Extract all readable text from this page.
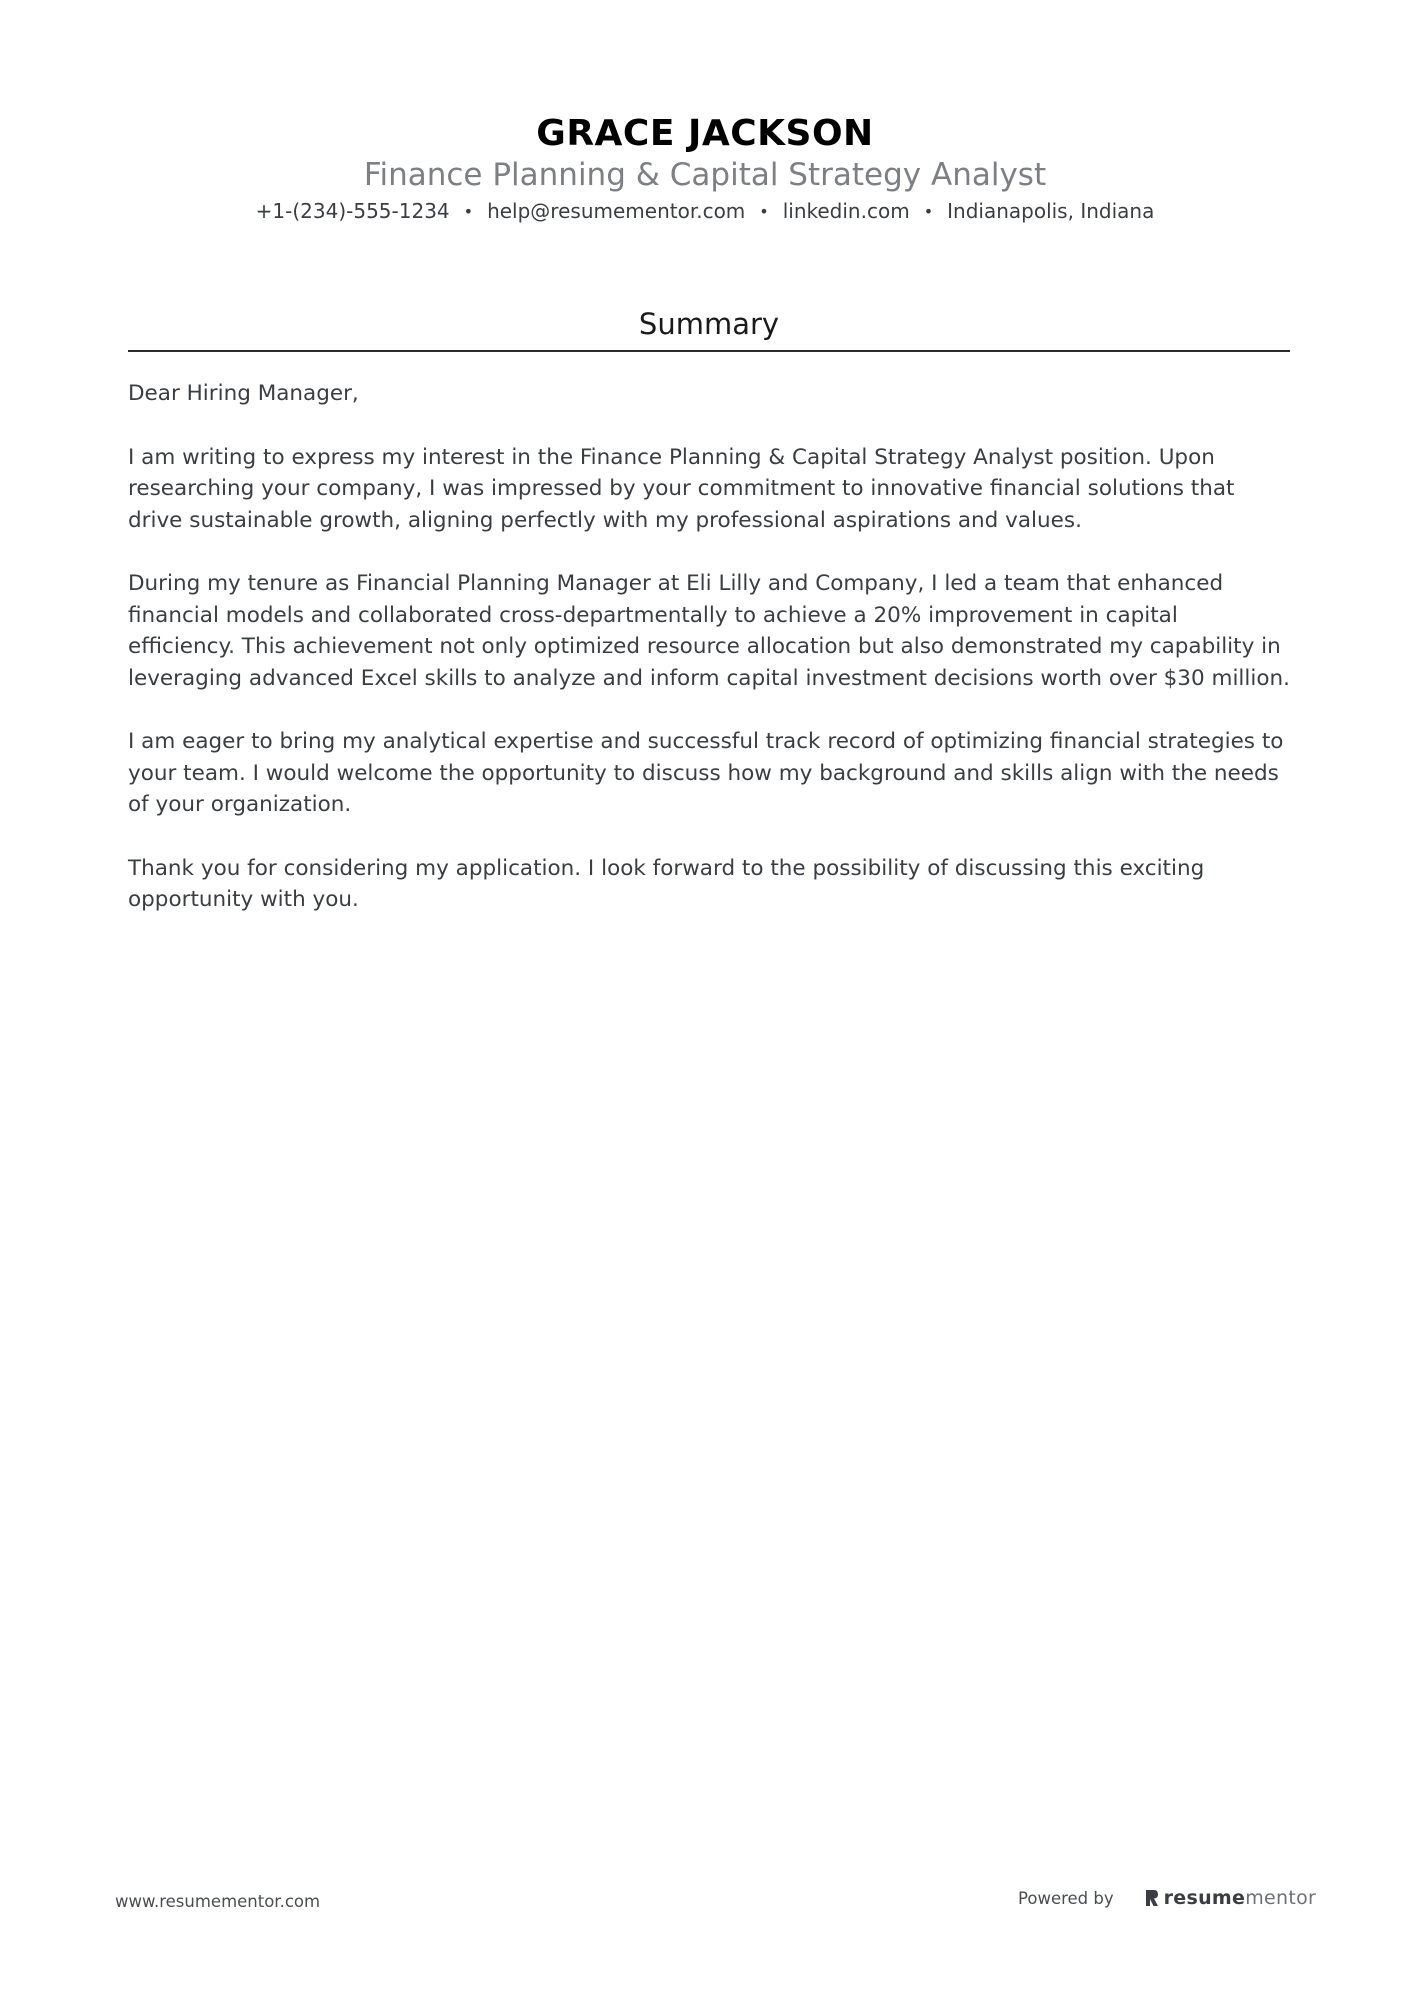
GRACE JACKSON
Finance Planning & Capital Strategy Analyst
+1-(234)-555-1234 • help@resumementor.com • linkedin.com • Indianapolis, Indiana
Summary

Dear Hiring Manager,

I am writing to express my interest in the Finance Planning & Capital Strategy Analyst position. Upon researching your company, I was impressed by your commitment to innovative financial solutions that drive sustainable growth, aligning perfectly with my professional aspirations and values.

During my tenure as Financial Planning Manager at Eli Lilly and Company, I led a team that enhanced financial models and collaborated cross-departmentally to achieve a 20% improvement in capital efficiency. This achievement not only optimized resource allocation but also demonstrated my capability in leveraging advanced Excel skills to analyze and inform capital investment decisions worth over $30 million.

I am eager to bring my analytical expertise and successful track record of optimizing financial strategies to your team. I would welcome the opportunity to discuss how my background and skills align with the needs of your organization.

Thank you for considering my application. I look forward to the possibility of discussing this exciting opportunity with you.

www.resumementor.com	Powered by	resume mentor
